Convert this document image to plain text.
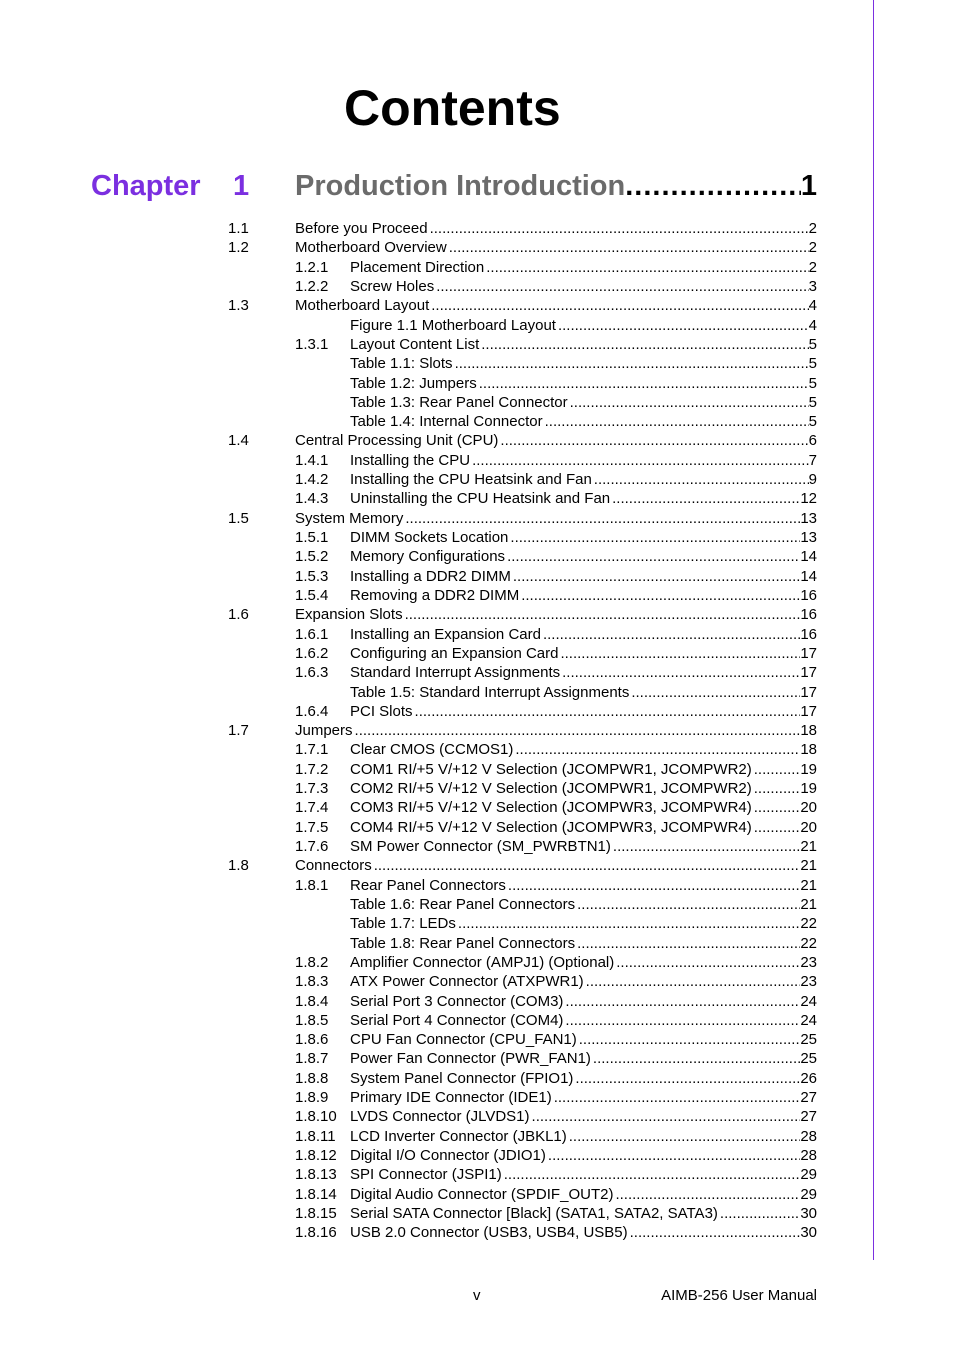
Contents
Chapter 1 Production Introduction .....	1
1.1	Before you Proceed .....	2
1.2	Motherboard Overview .....	2
1.2.1 Placement Direction .....	2
1.2.2 Screw Holes .....	3
1.3	Motherboard Layout .....	4
Figure 1.1 Motherboard Layout .....	4
1.3.1 Layout Content List .....	5
Table 1.1: Slots .....	5
Table 1.2: Jumpers .....	5
Table 1.3: Rear Panel Connector .....	5
Table 1.4: Internal Connector .....	5
1.4	Central Processing Unit (CPU) .....	6
1.4.1 Installing the CPU .....	7
1.4.2 Installing the CPU Heatsink and Fan .....	9
1.4.3 Uninstalling the CPU Heatsink and Fan .....	12
1.5	System Memory .....	13
1.5.1 DIMM Sockets Location .....	13
1.5.2 Memory Configurations .....	14
1.5.3 Installing a DDR2 DIMM .....	14
1.5.4 Removing a DDR2 DIMM .....	16
1.6	Expansion Slots .....	16
1.6.1 Installing an Expansion Card .....	16
1.6.2 Configuring an Expansion Card .....	17
1.6.3 Standard Interrupt Assignments .....	17
Table 1.5: Standard Interrupt Assignments .....	17
1.6.4 PCI Slots .....	17
1.7	Jumpers .....	18
1.7.1 Clear CMOS (CCMOS1) .....	18
1.7.2 COM1 RI/+5 V/+12 V Selection (JCOMPWR1, JCOMPWR2) .....	19
1.7.3 COM2 RI/+5 V/+12 V Selection (JCOMPWR1, JCOMPWR2) .....	19
1.7.4 COM3 RI/+5 V/+12 V Selection (JCOMPWR3, JCOMPWR4) .....	20
1.7.5 COM4 RI/+5 V/+12 V Selection (JCOMPWR3, JCOMPWR4) .....	20
1.7.6 SM Power Connector (SM_PWRBTN1) .....	21
1.8	Connectors .....	21
1.8.1 Rear Panel Connectors .....	21
Table 1.6: Rear Panel Connectors .....	21
Table 1.7: LEDs .....	22
Table 1.8: Rear Panel Connectors .....	22
1.8.2 Amplifier Connector (AMPJ1) (Optional) .....	23
1.8.3 ATX Power Connector (ATXPWR1) .....	23
1.8.4 Serial Port 3 Connector (COM3) .....	24
1.8.5 Serial Port 4 Connector (COM4) .....	24
1.8.6 CPU Fan Connector (CPU_FAN1) .....	25
1.8.7 Power Fan Connector (PWR_FAN1) .....	25
1.8.8 System Panel Connector (FPIO1) .....	26
1.8.9 Primary IDE Connector (IDE1) .....	27
1.8.10 LVDS Connector (JLVDS1) .....	27
1.8.11 LCD Inverter Connector (JBKL1) .....	28
1.8.12 Digital I/O Connector (JDIO1) .....	28
1.8.13 SPI Connector (JSPI1) .....	29
1.8.14 Digital Audio Connector (SPDIF_OUT2) .....	29
1.8.15 Serial SATA Connector [Black] (SATA1, SATA2, SATA3) .....	30
1.8.16 USB 2.0 Connector (USB3, USB4, USB5) .....	30
v	AIMB-256 User Manual
